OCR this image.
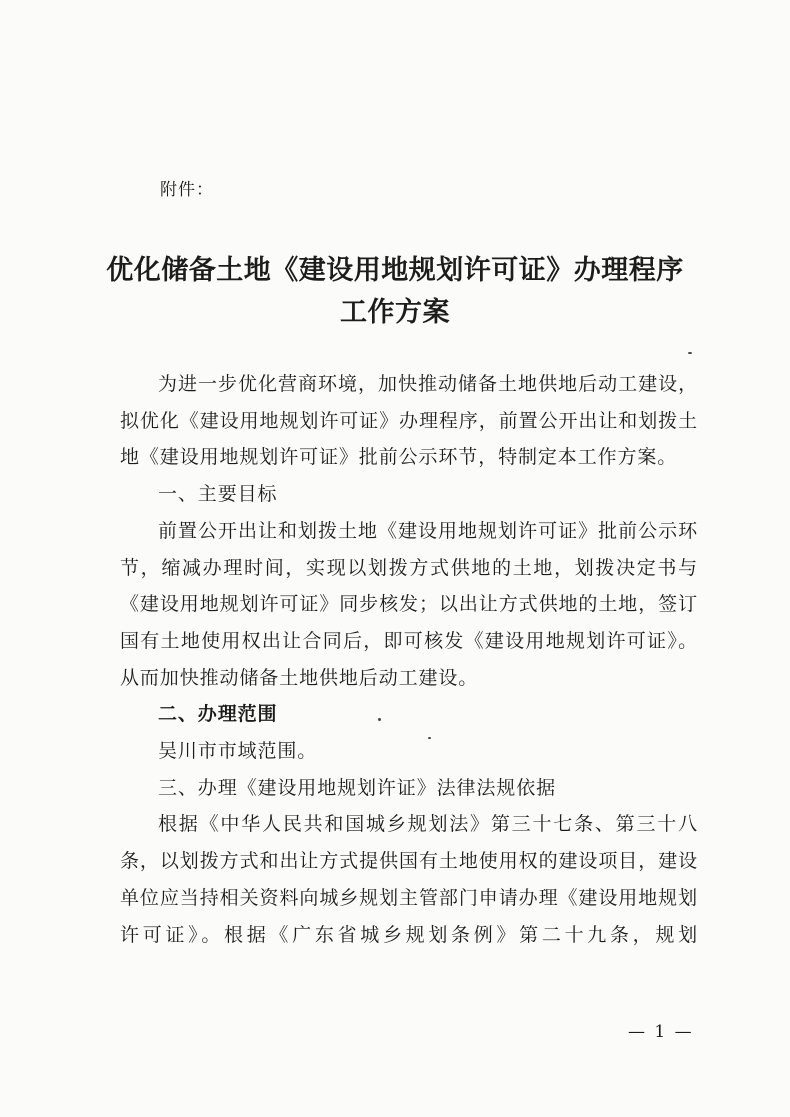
附件：
优化储备土地《建设用地规划许可证》办理程序
工作方案

为进一步优化营商环境，加快推动储备土地供地后动工建设，拟优化《建设用地规划许可证》办理程序，前置公开出让和划拨土地《建设用地规划许可证》批前公示环节，特制定本工作方案。

一、主要目标

前置公开出让和划拨土地《建设用地规划许可证》批前公示环节，缩减办理时间，实现以划拨方式供地的土地，划拨决定书与《建设用地规划许可证》同步核发；以出让方式供地的土地，签订国有土地使用权出让合同后，即可核发《建设用地规划许可证》。从而加快推动储备土地供地后动工建设。

二、办理范围

吴川市市域范围。

三、办理《建设用地规划许证》法律法规依据

根据《中华人民共和国城乡规划法》第三十七条、第三十八条，以划拨方式和出让方式提供国有土地使用权的建设项目，建设单位应当持相关资料向城乡规划主管部门申请办理《建设用地规划许可证》。根据《广东省城乡规划条例》第二十九条，规划

— 1 —
